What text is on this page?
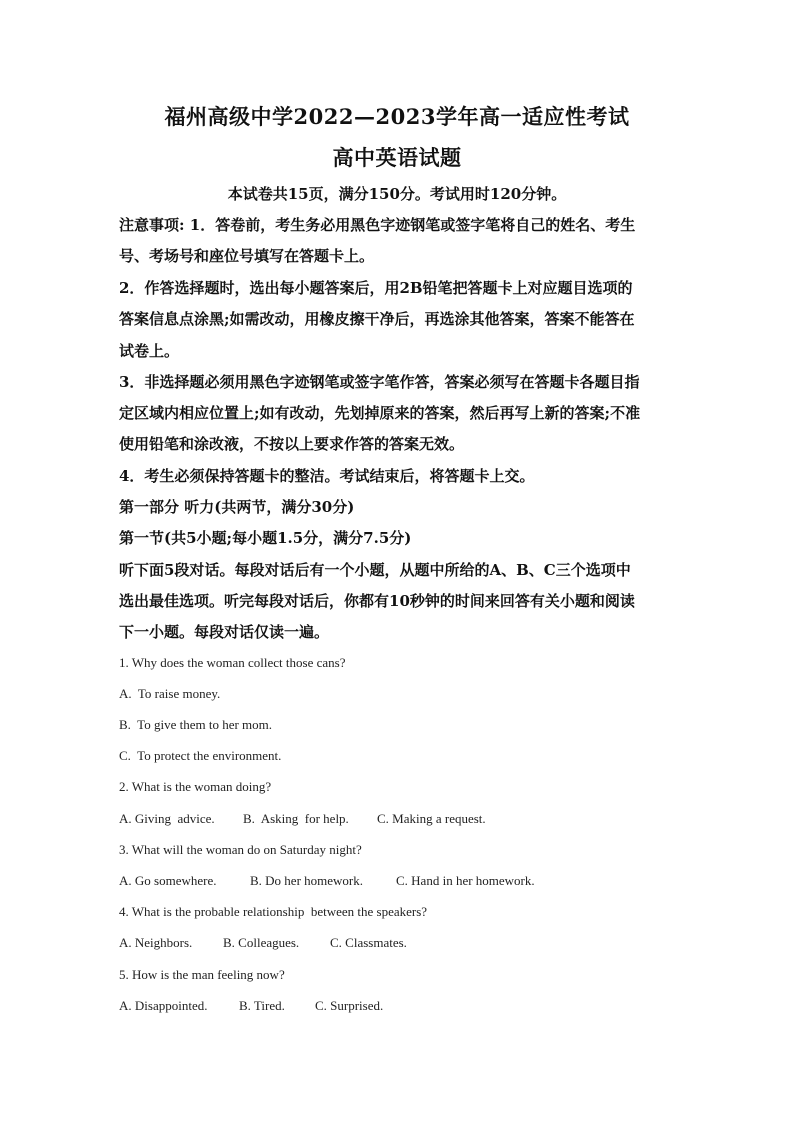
福州高级中学2022—2023学年高一适应性考试
高中英语试题
本试卷共15页，满分150分。考试用时120分钟。
注意事项: 1．答卷前，考生务必用黑色字迹钢笔或签字笔将自己的姓名、考生
号、考场号和座位号填写在答题卡上。
2．作答选择题时，选出每小题答案后，用2B铅笔把答题卡上对应题目选项的
答案信息点涂黑;如需改动，用橡皮擦干净后，再选涂其他答案，答案不能答在
试卷上。
3．非选择题必须用黑色字迹钢笔或签字笔作答，答案必须写在答题卡各题目指
定区域内相应位置上;如有改动，先划掉原来的答案，然后再写上新的答案;不准
使用铅笔和涂改液，不按以上要求作答的答案无效。
4．考生必须保持答题卡的整洁。考试结束后，将答题卡上交。
第一部分 听力(共两节，满分30分)
第一节(共5小题;每小题1.5分，满分7.5分)
听下面5段对话。每段对话后有一个小题，从题中所给的A、B、C三个选项中
选出最佳选项。听完每段对话后，你都有10秒钟的时间来回答有关小题和阅读
下一小题。每段对话仅读一遍。
1. Why does the woman collect those cans?
A.  To raise money.
B.  To give them to her mom.
C.  To protect the environment.
2. What is the woman doing?
A. Giving  advice.	B.  Asking  for help.	C. Making a request.
3. What will the woman do on Saturday night?
A. Go somewhere.	B. Do her homework.	C. Hand in her homework.
4. What is the probable relationship  between the speakers?
A. Neighbors.	B. Colleagues.	C. Classmates.
5. How is the man feeling now?
A. Disappointed.	B. Tired.	C. Surprised.
